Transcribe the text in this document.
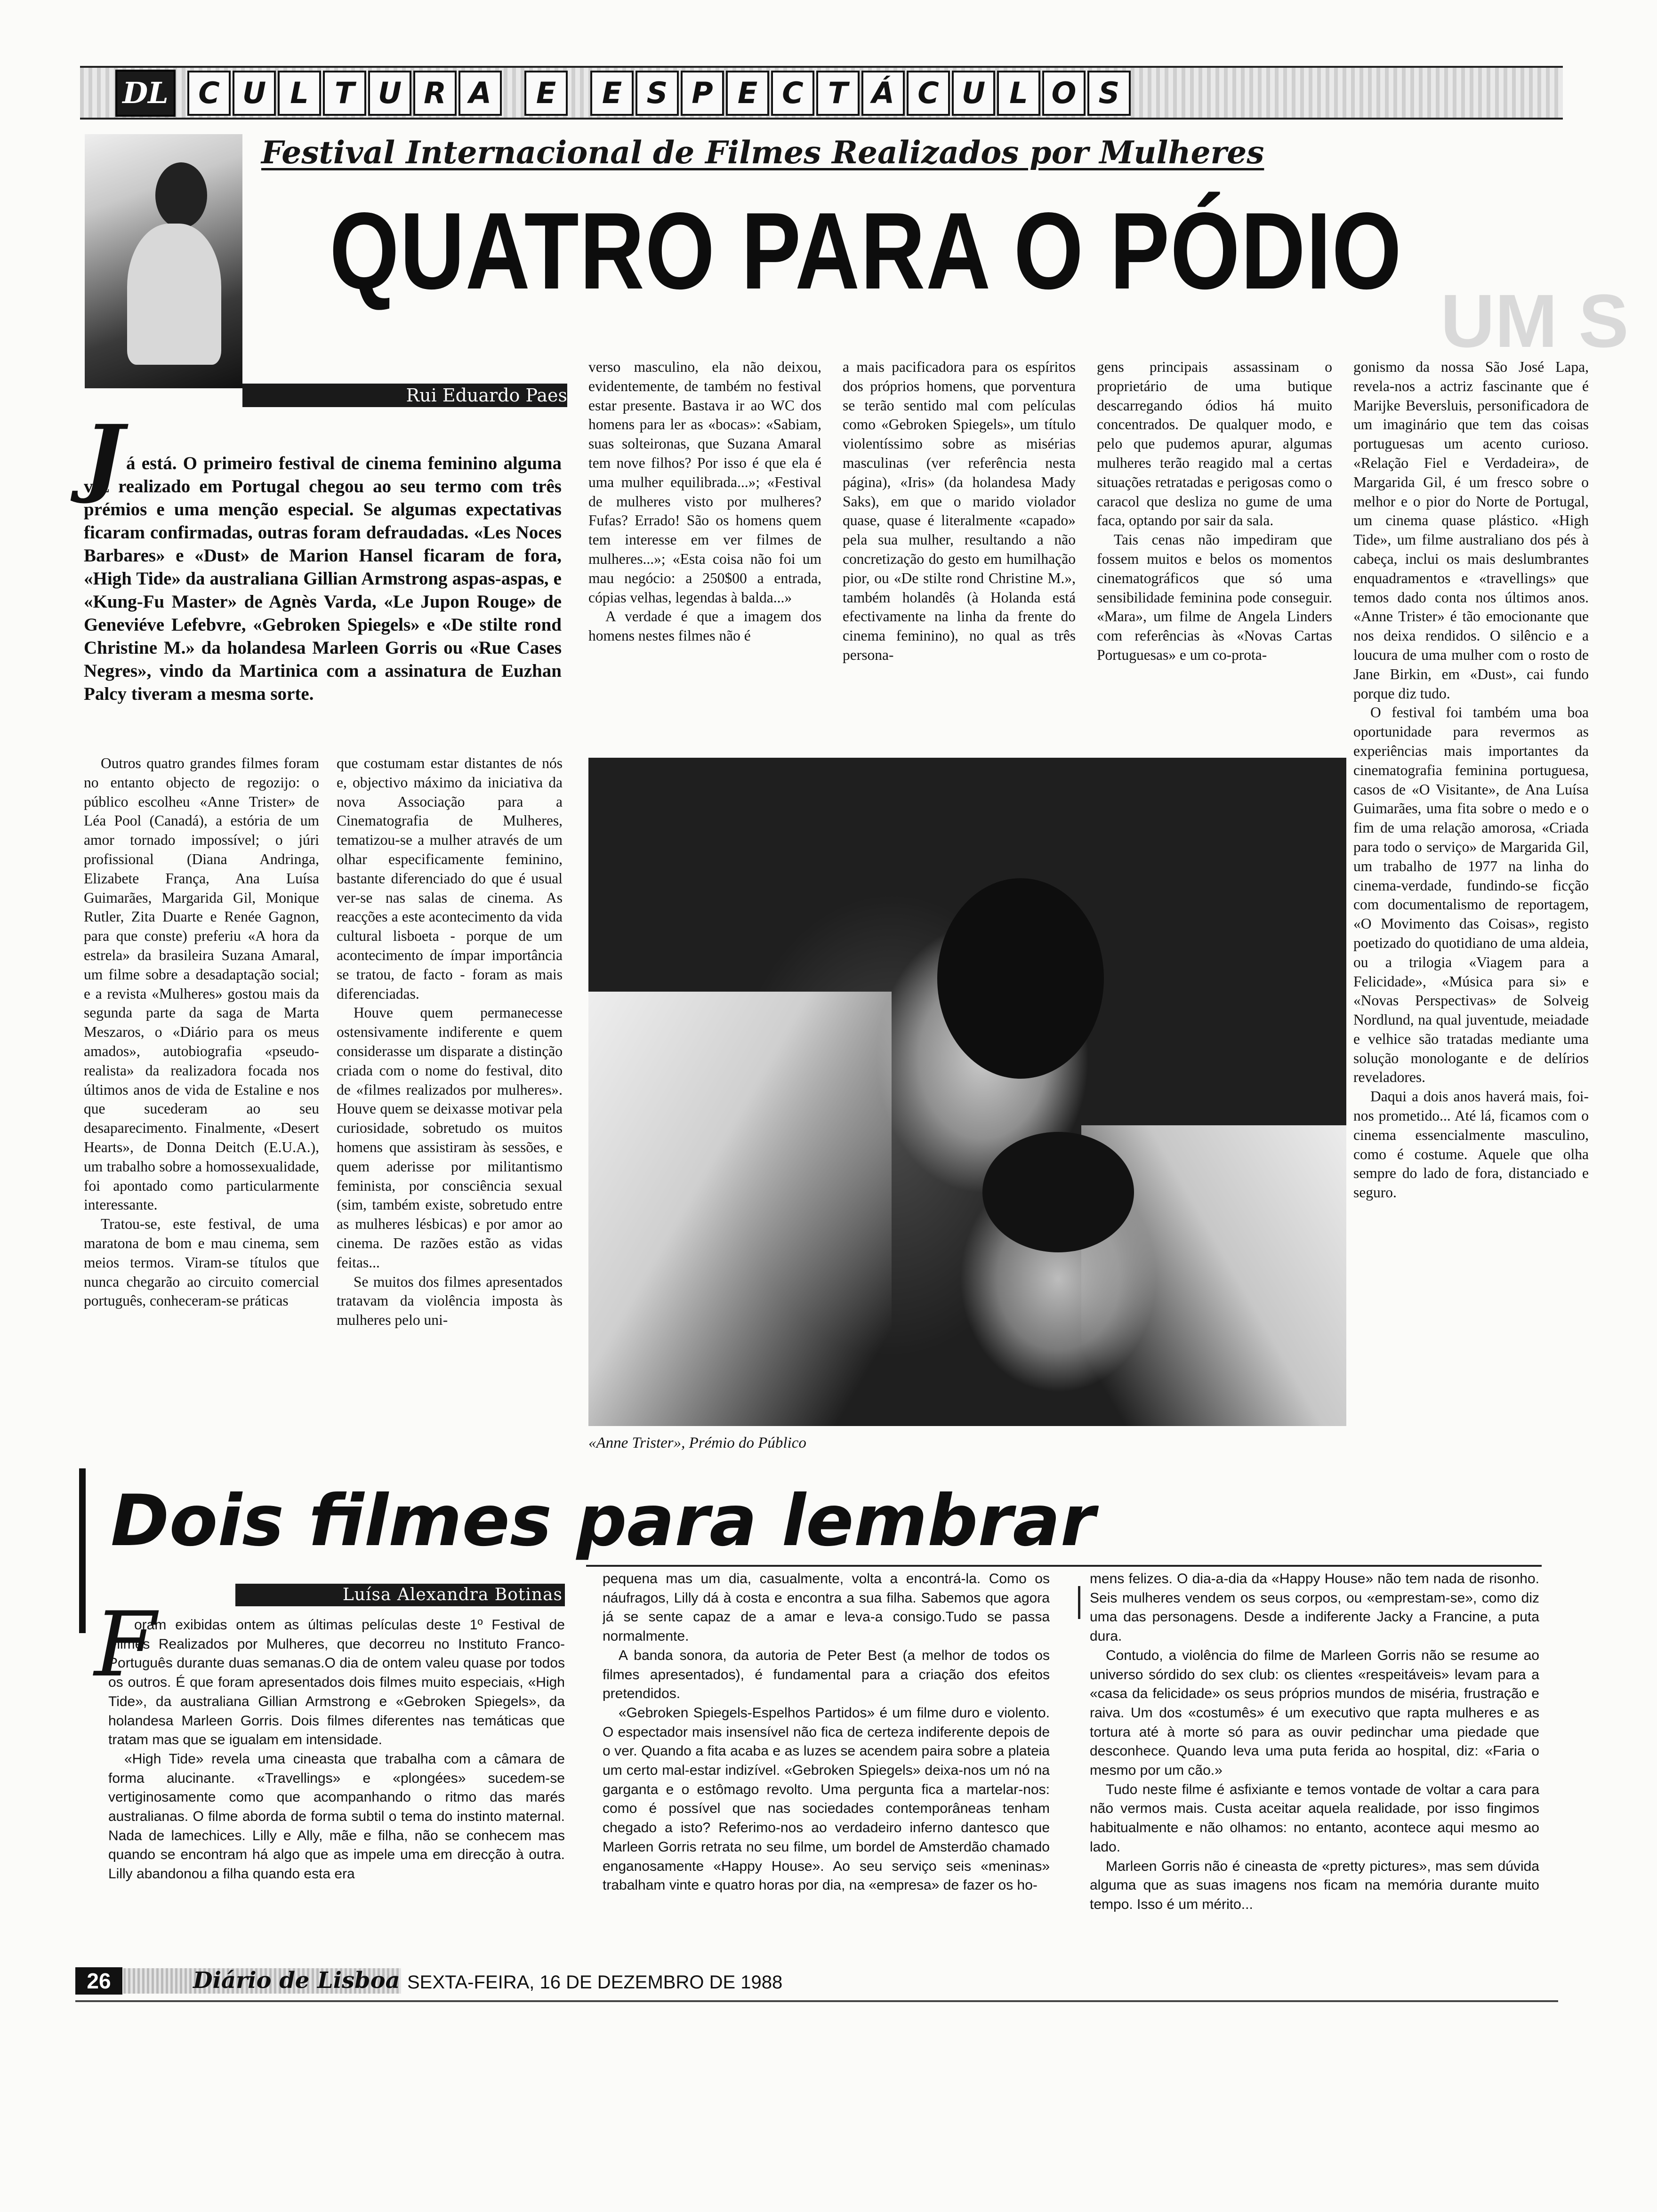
DL	C U L T U R A	E	E S P E C T Á C U L O S
Festival Internacional de Filmes Realizados por Mulheres
QUATRO PARA O PÓDIO
UM S
Rui Eduardo Paes
J á está. O primeiro festival de cinema feminino alguma vez realizado em Portugal chegou ao seu termo com três prémios e uma menção especial. Se algumas expectativas ficaram confirmadas, outras foram defraudadas. «Les Noces Barbares» e «Dust» de Marion Hansel ficaram de fora, «High Tide» da australiana Gillian Armstrong aspas-aspas, e «Kung-Fu Master» de Agnès Varda, «Le Jupon Rouge» de Geneviéve Lefebvre, «Gebroken Spiegels» e «De stilte rond Christine M.» da holandesa Marleen Gorris ou «Rue Cases Negres», vindo da Martinica com a assinatura de Euzhan Palcy tiveram a mesma sorte.

Outros quatro grandes filmes foram no entanto objecto de regozijo: o público escolheu «Anne Trister» de Léa Pool (Canadá), a estória de um amor tornado impossível; o júri profissional (Diana Andringa, Elizabete França, Ana Luísa Guimarães, Margarida Gil, Monique Rutler, Zita Duarte e Renée Gagnon, para que conste) preferiu «A hora da estrela» da brasileira Suzana Amaral, um filme sobre a desadaptação social; e a revista «Mulheres» gostou mais da segunda parte da saga de Marta Meszaros, o «Diário para os meus amados», autobiografia «pseudo-realista» da realizadora focada nos últimos anos de vida de Estaline e nos que sucederam ao seu desaparecimento. Finalmente, «Desert Hearts», de Donna Deitch (E.U.A.), um trabalho sobre a homossexualidade, foi apontado como particularmente interessante.

Tratou-se, este festival, de uma maratona de bom e mau cinema, sem meios termos. Viram-se títulos que nunca chegarão ao circuito comercial português, conheceram-se práticas

que costumam estar distantes de nós e, objectivo máximo da iniciativa da nova Associação para a Cinematografia de Mulheres, tematizou-se a mulher através de um olhar especificamente feminino, bastante diferenciado do que é usual ver-se nas salas de cinema. As reacções a este acontecimento da vida cultural lisboeta - porque de um acontecimento de ímpar importância se tratou, de facto - foram as mais diferenciadas.

Houve quem permanecesse ostensivamente indiferente e quem considerasse um disparate a distinção criada com o nome do festival, dito de «filmes realizados por mulheres». Houve quem se deixasse motivar pela curiosidade, sobretudo os muitos homens que assistiram às sessões, e quem aderisse por militantismo feminista, por consciência sexual (sim, também existe, sobretudo entre as mulheres lésbicas) e por amor ao cinema. De razões estão as vidas feitas...

Se muitos dos filmes apresentados tratavam da violência imposta às mulheres pelo uni-

verso masculino, ela não deixou, evidentemente, de também no festival estar presente. Bastava ir ao WC dos homens para ler as «bocas»: «Sabiam, suas solteironas, que Suzana Amaral tem nove filhos? Por isso é que ela é uma mulher equilibrada...»; «Festival de mulheres visto por mulheres? Fufas? Errado! São os homens quem tem interesse em ver filmes de mulheres...»; «Esta coisa não foi um mau negócio: a 250$00 a entrada, cópias velhas, legendas à balda...»

A verdade é que a imagem dos homens nestes filmes não é

a mais pacificadora para os espíritos dos próprios homens, que porventura se terão sentido mal com películas como «Gebroken Spiegels», um título violentíssimo sobre as misérias masculinas (ver referência nesta página), «Iris» (da holandesa Mady Saks), em que o marido violador quase, quase é literalmente «capado» pela sua mulher, resultando a não concretização do gesto em humilhação pior, ou «De stilte rond Christine M.», também holandês (à Holanda está efectivamente na linha da frente do cinema feminino), no qual as três persona-

gens principais assassinam o proprietário de uma butique descarregando ódios há muito concentrados. De qualquer modo, e pelo que pudemos apurar, algumas mulheres terão reagido mal a certas situações retratadas e perigosas como o caracol que desliza no gume de uma faca, optando por sair da sala.

Tais cenas não impediram que fossem muitos e belos os momentos cinematográficos que só uma sensibilidade feminina pode conseguir. «Mara», um filme de Angela Linders com referências às «Novas Cartas Portuguesas» e um co-prota-

gonismo da nossa São José Lapa, revela-nos a actriz fascinante que é Marijke Beversluis, personificadora de um imaginário que tem das coisas portuguesas um acento curioso. «Relação Fiel e Verdadeira», de Margarida Gil, é um fresco sobre o melhor e o pior do Norte de Portugal, um cinema quase plástico. «High Tide», um filme australiano dos pés à cabeça, inclui os mais deslumbrantes enquadramentos e «travellings» que temos dado conta nos últimos anos. «Anne Trister» é tão emocionante que nos deixa rendidos. O silêncio e a loucura de uma mulher com o rosto de Jane Birkin, em «Dust», cai fundo porque diz tudo.

O festival foi também uma boa oportunidade para revermos as experiências mais importantes da cinematografia feminina portuguesa, casos de «O Visitante», de Ana Luísa Guimarães, uma fita sobre o medo e o fim de uma relação amorosa, «Criada para todo o serviço» de Margarida Gil, um trabalho de 1977 na linha do cinema-verdade, fundindo-se ficção com documentalismo de reportagem, «O Movimento das Coisas», registo poetizado do quotidiano de uma aldeia, ou a trilogia «Viagem para a Felicidade», «Música para si» e «Novas Perspectivas» de Solveig Nordlund, na qual juventude, meiadade e velhice são tratadas mediante uma solução monologante e de delírios reveladores.

Daqui a dois anos haverá mais, foi-nos prometido... Até lá, ficamos com o cinema essencialmente masculino, como é costume. Aquele que olha sempre do lado de fora, distanciado e seguro.

«Anne Trister», Prémio do Público
Dois filmes para lembrar
Luísa Alexandra Botinas
F

oram exibidas ontem as últimas películas deste 1º Festival de Filmes Realizados por Mulheres, que decorreu no Instituto Franco-Português durante duas semanas.O dia de ontem valeu quase por todos os outros. É que foram apresentados dois filmes muito especiais, «High Tide», da australiana Gillian Armstrong e «Gebroken Spiegels», da holandesa Marleen Gorris. Dois filmes diferentes nas temáticas que tratam mas que se igualam em intensidade.

«High Tide» revela uma cineasta que trabalha com a câmara de forma alucinante. «Travellings» e «plongées» sucedem-se vertiginosamente como que acompanhando o ritmo das marés australianas. O filme aborda de forma subtil o tema do instinto maternal. Nada de lamechices. Lilly e Ally, mãe e filha, não se conhecem mas quando se encontram há algo que as impele uma em direcção à outra. Lilly abandonou a filha quando esta era

pequena mas um dia, casualmente, volta a encontrá-la. Como os náufragos, Lilly dá à costa e encontra a sua filha. Sabemos que agora já se sente capaz de a amar e leva-a consigo.Tudo se passa normalmente.

A banda sonora, da autoria de Peter Best (a melhor de todos os filmes apresentados), é fundamental para a criação dos efeitos pretendidos.

«Gebroken Spiegels-Espelhos Partidos» é um filme duro e violento. O espectador mais insensível não fica de certeza indiferente depois de o ver. Quando a fita acaba e as luzes se acendem paira sobre a plateia um certo mal-estar indizível. «Gebroken Spiegels» deixa-nos um nó na garganta e o estômago revolto. Uma pergunta fica a martelar-nos: como é possível que nas sociedades contemporâneas tenham chegado a isto? Referimo-nos ao verdadeiro inferno dantesco que Marleen Gorris retrata no seu filme, um bordel de Amsterdão chamado enganosamente «Happy House». Ao seu serviço seis «meninas» trabalham vinte e quatro horas por dia, na «empresa» de fazer os ho-

mens felizes. O dia-a-dia da «Happy House» não tem nada de risonho. Seis mulheres vendem os seus corpos, ou «emprestam-se», como diz uma das personagens. Desde a indiferente Jacky a Francine, a puta dura.

Contudo, a violência do filme de Marleen Gorris não se resume ao universo sórdido do sex club: os clientes «respeitáveis» levam para a «casa da felicidade» os seus próprios mundos de miséria, frustração e raiva. Um dos «costumês» é um executivo que rapta mulheres e as tortura até à morte só para as ouvir pedinchar uma piedade que desconhece. Quando leva uma puta ferida ao hospital, diz: «Faria o mesmo por um cão.»

Tudo neste filme é asfixiante e temos vontade de voltar a cara para não vermos mais. Custa aceitar aquela realidade, por isso fingimos habitualmente e não olhamos: no entanto, acontece aqui mesmo ao lado.

Marleen Gorris não é cineasta de «pretty pictures», mas sem dúvida alguma que as suas imagens nos ficam na memória durante muito tempo. Isso é um mérito...

26	Diário de Lisboa SEXTA-FEIRA, 16 DE DEZEMBRO DE 1988
